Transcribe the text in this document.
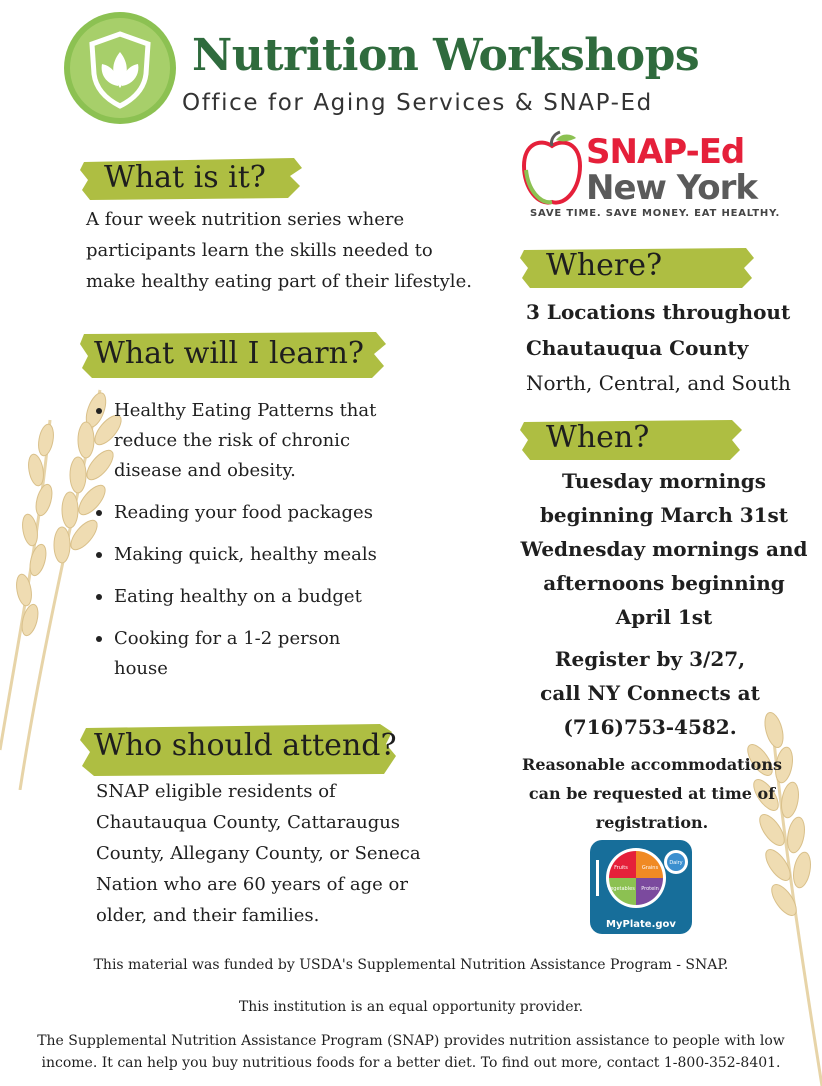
Nutrition Workshops
Office for Aging Services & SNAP-Ed
What is it?
A four week nutrition series where
participants learn the skills needed to
make healthy eating part of their lifestyle.
What will I learn?
Healthy Eating Patterns that
reduce the risk of chronic
disease and obesity.
Reading your food packages
Making quick, healthy meals
Eating healthy on a budget
Cooking for a 1-2 person
house
Who should attend?
SNAP eligible residents of
Chautauqua County, Cattaraugus
County, Allegany County, or Seneca
Nation who are 60 years of age or
older, and their families.
SNAP-Ed
New York
SAVE TIME. SAVE MONEY. EAT HEALTHY.
Where?
3 Locations throughout
Chautauqua County
North, Central, and South
When?
Tuesday mornings
beginning March 31st
Wednesday mornings and
afternoons beginning
April 1st
Register by 3/27,
call NY Connects at
(716)753-4582.
Reasonable accommodations
can be requested at time of
registration.
Fruits	Grains
Vegetables Protein
Dairy
MyPlate.gov
This material was funded by USDA's Supplemental Nutrition Assistance Program - SNAP.
This institution is an equal opportunity provider.
The Supplemental Nutrition Assistance Program (SNAP) provides nutrition assistance to people with low
income. It can help you buy nutritious foods for a better diet. To find out more, contact 1-800-352-8401.
